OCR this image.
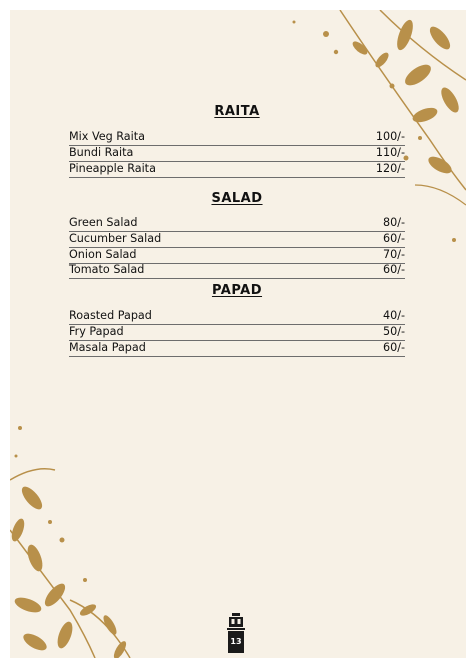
RAITA
Mix Veg Raita	100/-
Bundi Raita	110/-
Pineapple Raita	120/-
SALAD
Green Salad	80/-
Cucumber Salad	60/-
Onion Salad	70/-
Tomato Salad	60/-
PAPAD
Roasted Papad	40/-
Fry Papad	50/-
Masala Papad	60/-
13
